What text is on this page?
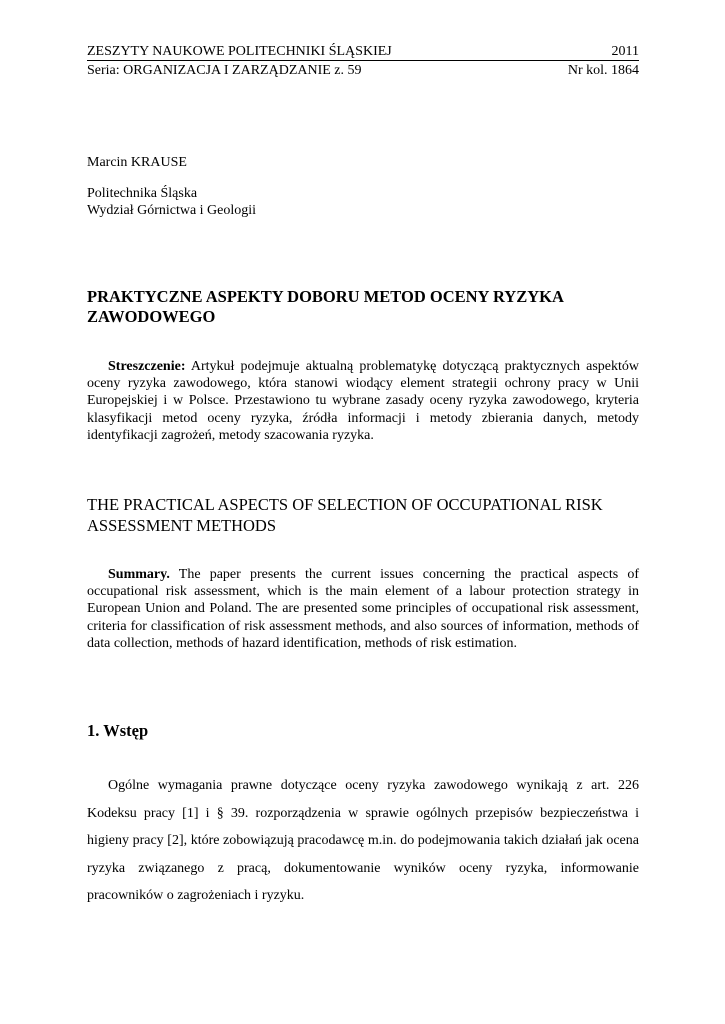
ZESZYTY NAUKOWE POLITECHNIKI ŚLĄSKIEJ	2011
Seria: ORGANIZACJA I ZARZĄDZANIE z. 59	Nr kol. 1864
Marcin KRAUSE
Politechnika Śląska
Wydział Górnictwa i Geologii
PRAKTYCZNE ASPEKTY DOBORU METOD OCENY RYZYKA ZAWODOWEGO

Streszczenie: Artykuł podejmuje aktualną problematykę dotyczącą praktycznych aspektów oceny ryzyka zawodowego, która stanowi wiodący element strategii ochrony pracy w Unii Europejskiej i w Polsce. Przestawiono tu wybrane zasady oceny ryzyka zawodowego, kryteria klasyfikacji metod oceny ryzyka, źródła informacji i metody zbierania danych, metody identyfikacji zagrożeń, metody szacowania ryzyka.

THE PRACTICAL ASPECTS OF SELECTION OF OCCUPATIONAL RISK ASSESSMENT METHODS

Summary. The paper presents the current issues concerning the practical aspects of occupational risk assessment, which is the main element of a labour protection strategy in European Union and Poland. The are presented some principles of occupational risk assessment, criteria for classification of risk assessment methods, and also sources of information, methods of data collection, methods of hazard identification, methods of risk estimation.

1. Wstęp

Ogólne wymagania prawne dotyczące oceny ryzyka zawodowego wynikają z art. 226 Kodeksu pracy [1] i § 39. rozporządzenia w sprawie ogólnych przepisów bezpieczeństwa i higieny pracy [2], które zobowiązują pracodawcę m.in. do podejmowania takich działań jak ocena ryzyka związanego z pracą, dokumentowanie wyników oceny ryzyka, informowanie pracowników o zagrożeniach i ryzyku.
